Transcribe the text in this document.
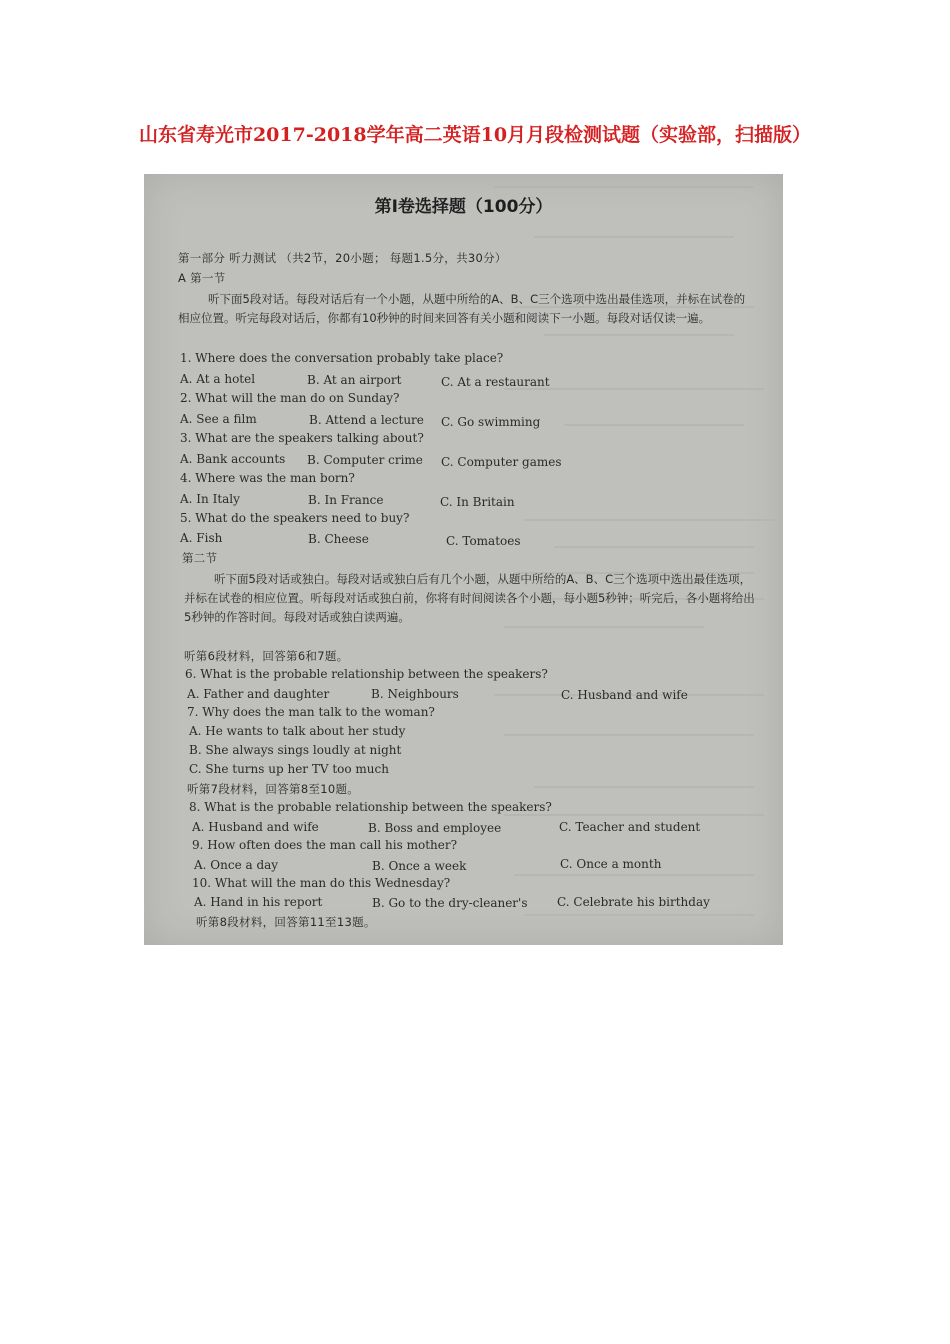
山东省寿光市2017-2018学年高二英语10月月段检测试题（实验部，扫描版）
第Ⅰ卷选择题（100分）
第一部分 听力测试 （共2节，20小题； 每题1.5分，共30分）
A 第一节
听下面5段对话。每段对话后有一个小题，从题中所给的A、B、C三个选项中选出最佳选项，并标在试卷的相应位置。听完每段对话后，你都有10秒钟的时间来回答有关小题和阅读下一小题。每段对话仅读一遍。
1. Where does the conversation probably take place?
A. At a hotel	B. At an airport	C. At a restaurant
2. What will the man do on Sunday?
A. See a film	B. Attend a lecture C. Go swimming
3. What are the speakers talking about?
A. Bank accounts B. Computer crime C. Computer games
4. Where was the man born?
A. In Italy	B. In France	C. In Britain
5. What do the speakers need to buy?
A. Fish	B. Cheese	C. Tomatoes
第二节
听下面5段对话或独白。每段对话或独白后有几个小题，从题中所给的A、B、C三个选项中选出最佳选项，并标在试卷的相应位置。听每段对话或独白前，你将有时间阅读各个小题，每小题5秒钟；听完后，各小题将给出5秒钟的作答时间。每段对话或独白读两遍。
听第6段材料，回答第6和7题。
6. What is the probable relationship between the speakers?
A. Father and daughter	B. Neighbours	C. Husband and wife
7. Why does the man talk to the woman?
A. He wants to talk about her study
B. She always sings loudly at night
C. She turns up her TV too much
听第7段材料，回答第8至10题。
8. What is the probable relationship between the speakers?
A. Husband and wife	B. Boss and employee	C. Teacher and student
9. How often does the man call his mother?
A. Once a day	B. Once a week	C. Once a month
10. What will the man do this Wednesday?
A. Hand in his report	B. Go to the dry-cleaner's C. Celebrate his birthday
听第8段材料，回答第11至13题。
